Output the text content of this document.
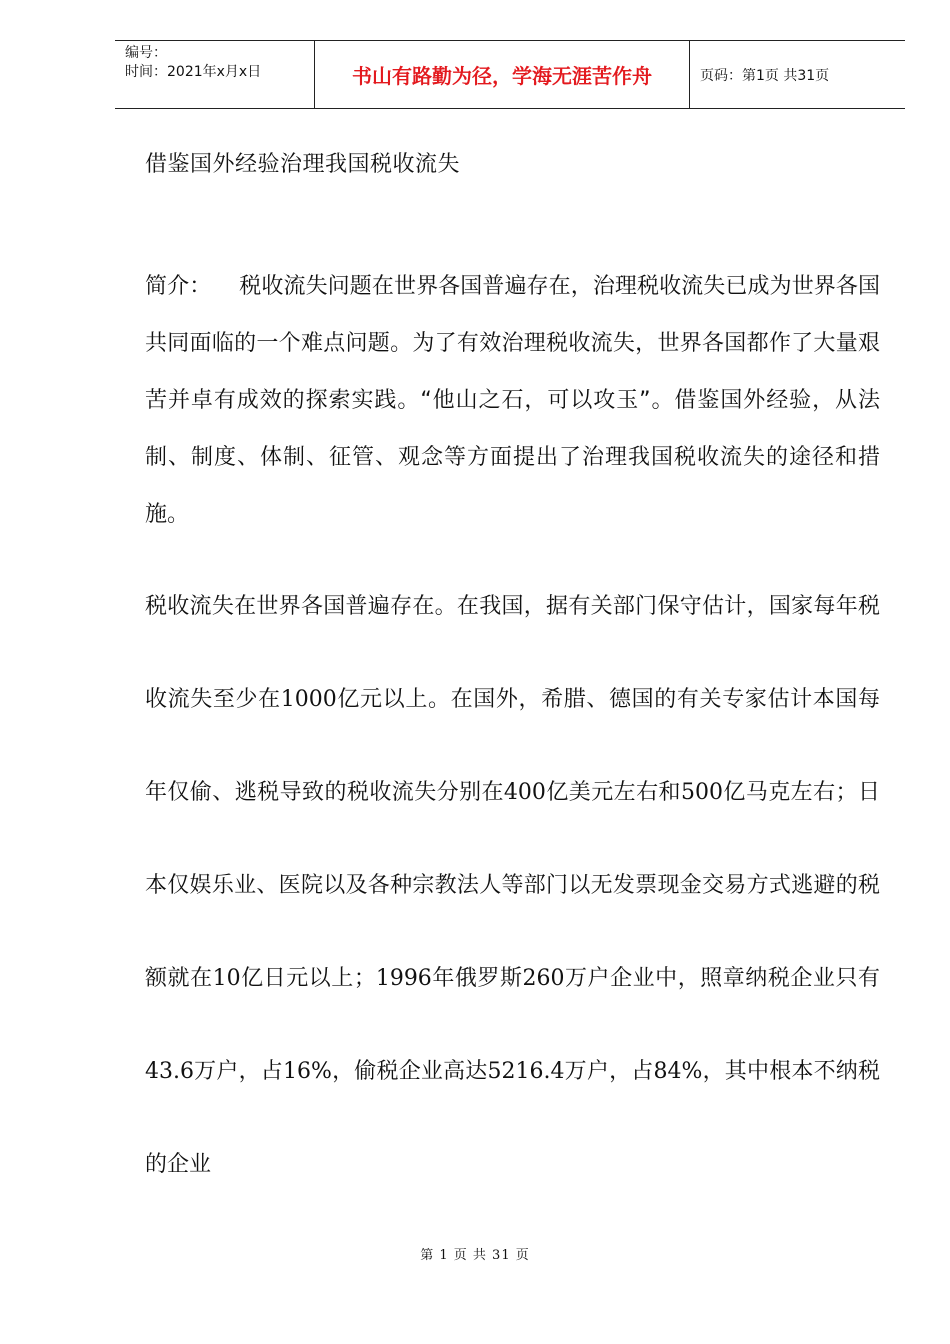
编号：
时间：2021年x月x日	书山有路勤为径，学海无涯苦作舟	页码：第1页 共31页
借鉴国外经验治理我国税收流失
简介： 税收流失问题在世界各国普遍存在，治理税收流失已成为世界各国共同面临的一个难点问题。为了有效治理税收流失，世界各国都作了大量艰苦并卓有成效的探索实践。“他山之石，可以攻玉”。借鉴国外经验，从法制、制度、体制、征管、观念等方面提出了治理我国税收流失的途径和措施。
税收流失在世界各国普遍存在。在我国，据有关部门保守估计，国家每年税收流失至少在1000亿元以上。在国外，希腊、德国的有关专家估计本国每年仅偷、逃税导致的税收流失分别在400亿美元左右和500亿马克左右；日本仅娱乐业、医院以及各种宗教法人等部门以无发票现金交易方式逃避的税额就在10亿日元以上；1996年俄罗斯260万户企业中，照章纳税企业只有43.6万户，占16%，偷税企业高达5216.4万户，占84%，其中根本不纳税的企业
第 1 页 共 31 页
